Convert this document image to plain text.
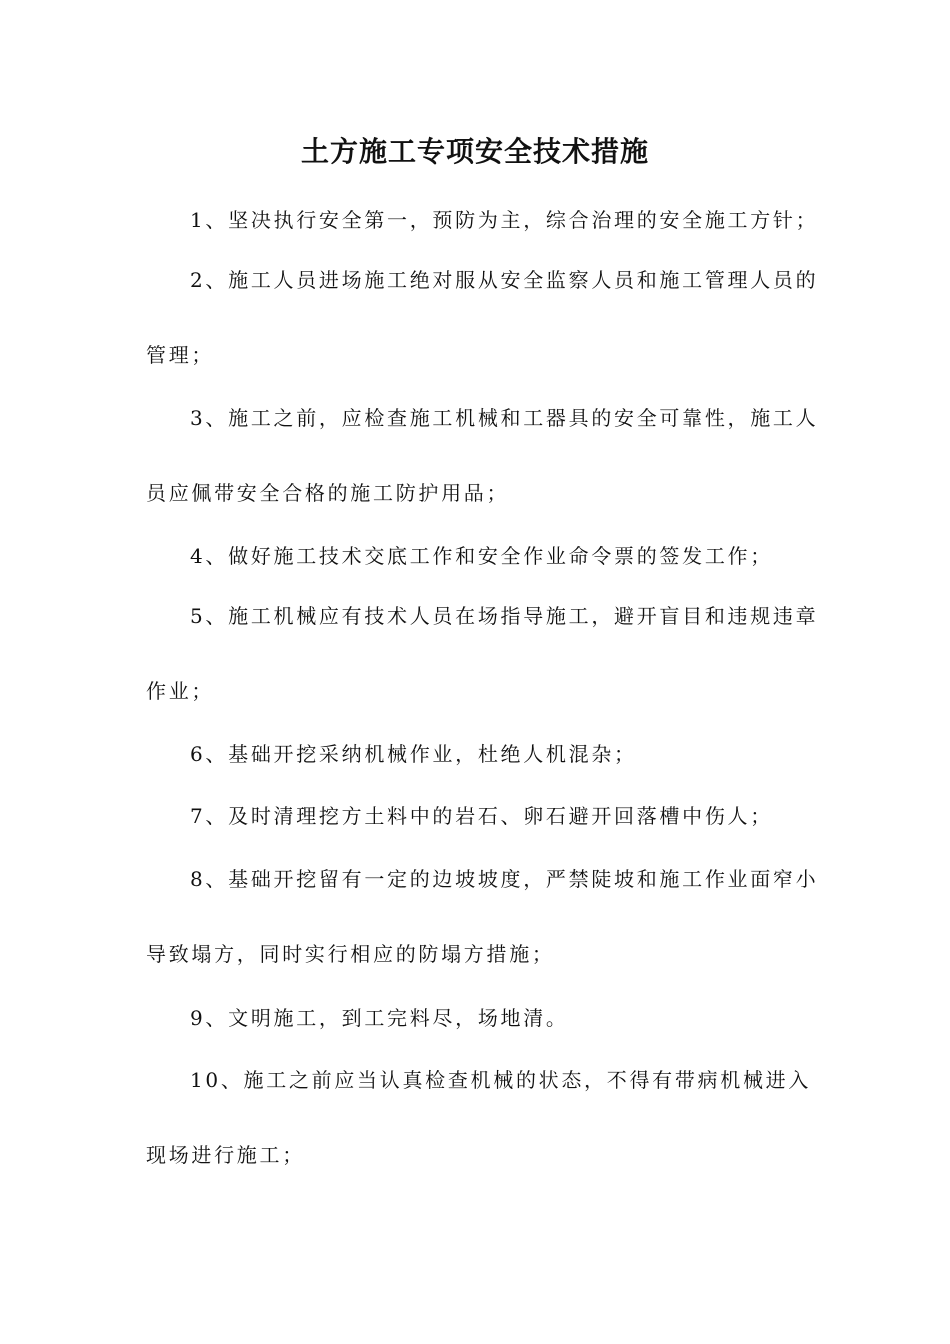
土方施工专项安全技术措施
1、坚决执行安全第一，预防为主，综合治理的安全施工方针；
2、施工人员进场施工绝对服从安全监察人员和施工管理人员的
管理；
3、施工之前，应检查施工机械和工器具的安全可靠性，施工人
员应佩带安全合格的施工防护用品；
4、做好施工技术交底工作和安全作业命令票的签发工作；
5、施工机械应有技术人员在场指导施工，避开盲目和违规违章
作业；
6、基础开挖采纳机械作业，杜绝人机混杂；
7、及时清理挖方土料中的岩石、卵石避开回落槽中伤人；
8、基础开挖留有一定的边坡坡度，严禁陡坡和施工作业面窄小
导致塌方，同时实行相应的防塌方措施；
9、文明施工，到工完料尽，场地清。
10、施工之前应当认真检查机械的状态，不得有带病机械进入
现场进行施工；
